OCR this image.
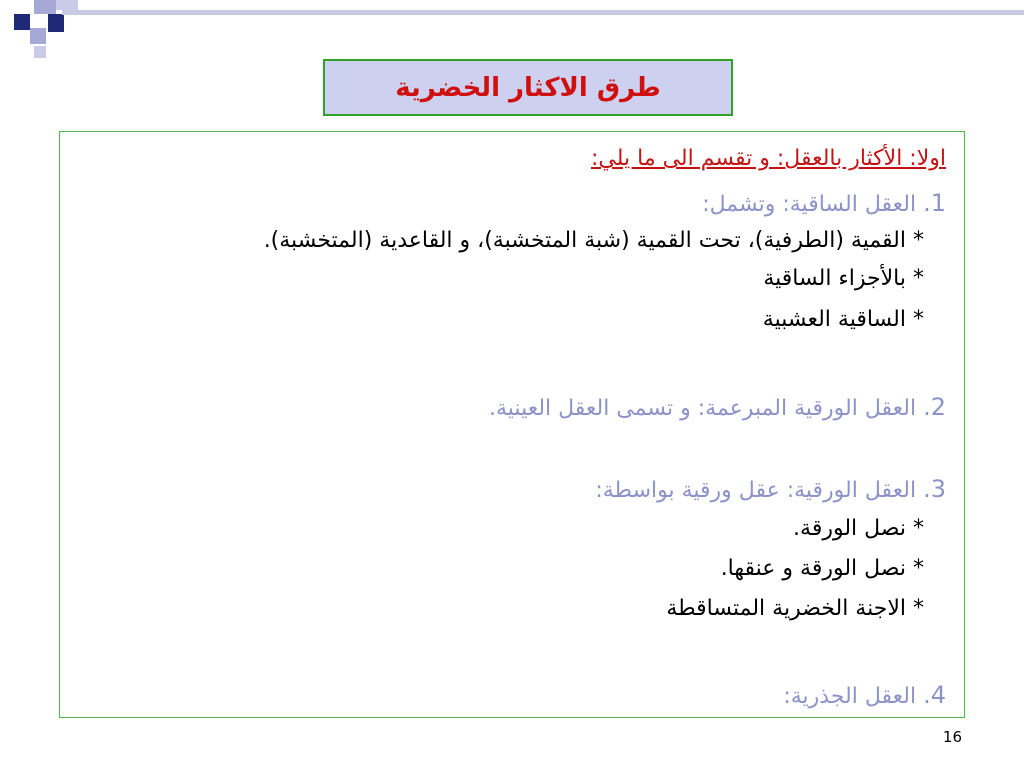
طرق الاكثار الخضرية
اولا: الأكثار بالعقل: و تقسم الى ما يلي:
1. العقل الساقية: وتشمل:
* القمية (الطرفية)، تحت القمية (شبة المتخشبة)، و القاعدية (المتخشبة).
* بالأجزاء الساقية
* الساقية العشبية
2. العقل الورقية المبرعمة: و تسمى العقل العينية.
3. العقل الورقية: عقل ورقية بواسطة:
* نصل الورقة.
* نصل الورقة و عنقها.
* الاجنة الخضرية المتساقطة
4. العقل الجذرية:
16
